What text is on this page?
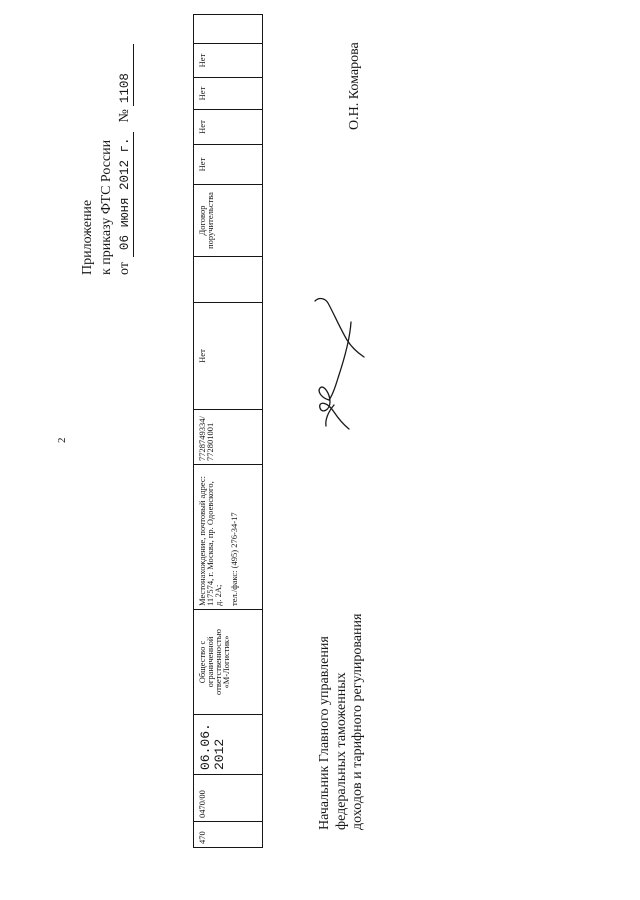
2
Приложение к приказу ФТС России от06 июня 2012 г.№1108
470
0470/00
06.06. 2012
Общество с
ограниченной
ответственностью
«М-Логистик»
Местонахождение, почтовый адрес:
117574, г. Москва, пр. Одоевского,
д. 2А; тел./факс: (495) 276-34-17
7728749334/
772801001
Нет
Договор
поручительства
Нет
Нет
Нет
Нет
Начальник Главного управления федеральных таможенных доходов и тарифного регулирования
О.Н. Комарова
